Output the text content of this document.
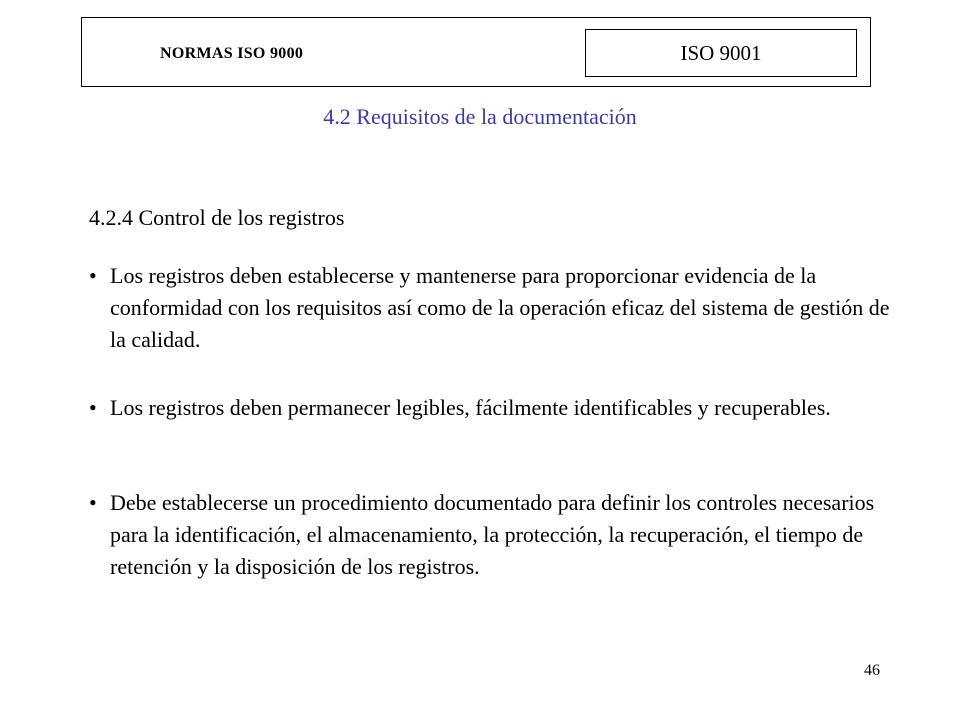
NORMAS ISO 9000	ISO 9001
4.2 Requisitos de la documentación
4.2.4 Control de los registros
• Los registros deben establecerse y mantenerse para proporcionar evidencia de la conformidad con los requisitos así como de la operación eficaz del sistema de gestión de la calidad.
• Los registros deben permanecer legibles, fácilmente identificables y recuperables.
• Debe establecerse un procedimiento documentado para definir los controles necesarios para la identificación, el almacenamiento, la protección, la recuperación, el tiempo de retención y la disposición de los registros.
46
